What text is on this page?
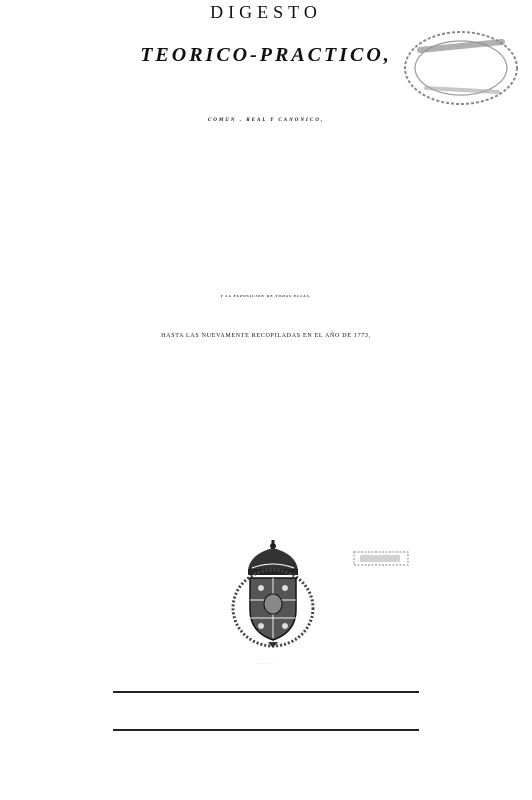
DIGESTO
TEORICO-PRACTICO,
COMUN , REAL Y CANONICO,
Y LA EXPOSICION DE TODAS ELLAS,
HASTA LAS NUEVAMENTE RECOPILADAS EN EL AÑO DE 1773,
MDCCLXXXIX.
